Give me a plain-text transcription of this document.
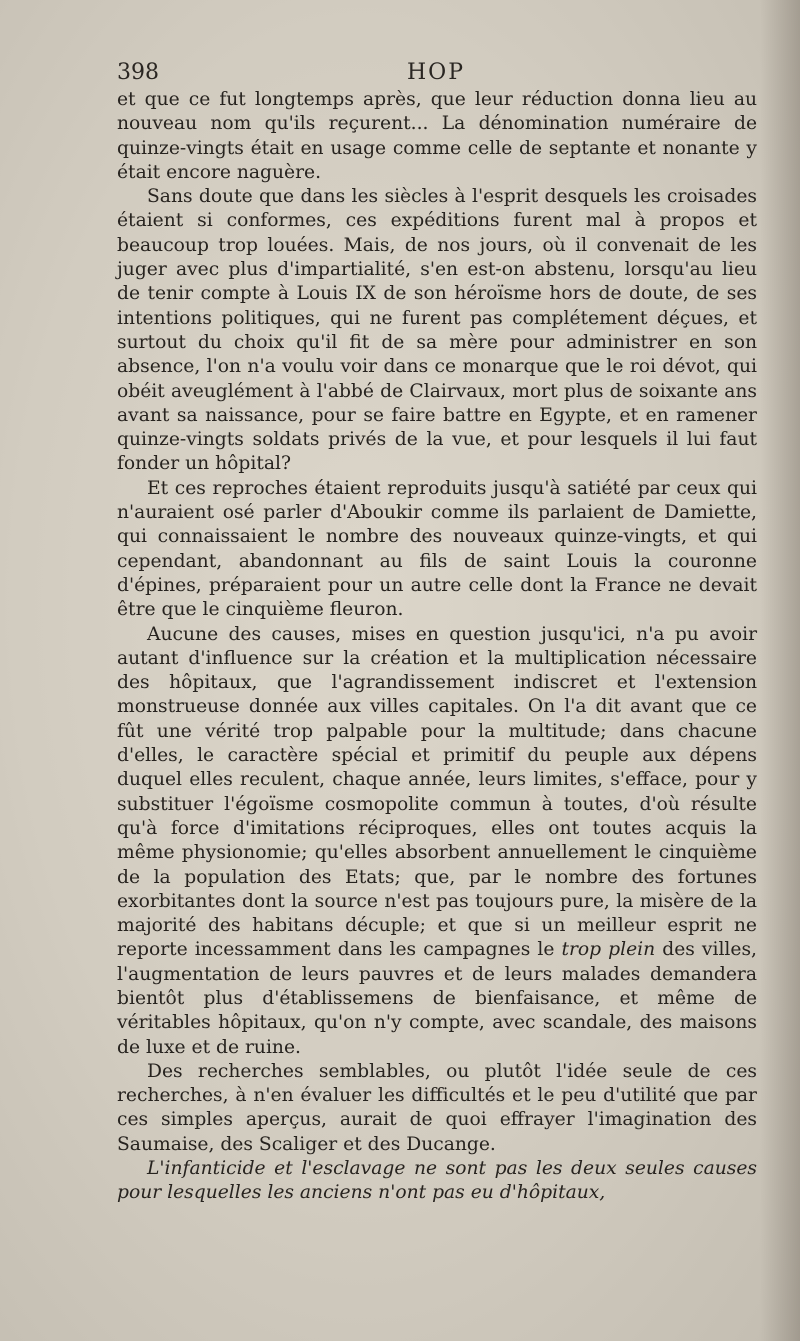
398	HOP

et que ce fut longtemps après, que leur réduction donna lieu au nouveau nom qu'ils reçurent... La dénomination numéraire de quinze-vingts était en usage comme celle de septante et nonante y était encore naguère.

Sans doute que dans les siècles à l'esprit desquels les croisades étaient si conformes, ces expéditions furent mal à propos et beaucoup trop louées. Mais, de nos jours, où il convenait de les juger avec plus d'impartialité, s'en est-on abstenu, lorsqu'au lieu de tenir compte à Louis IX de son héroïsme hors de doute, de ses intentions politiques, qui ne furent pas complétement déçues, et surtout du choix qu'il fit de sa mère pour administrer en son absence, l'on n'a voulu voir dans ce monarque que le roi dévot, qui obéit aveuglément à l'abbé de Clairvaux, mort plus de soixante ans avant sa naissance, pour se faire battre en Egypte, et en ramener quinze-vingts soldats privés de la vue, et pour lesquels il lui faut fonder un hôpital?

Et ces reproches étaient reproduits jusqu'à satiété par ceux qui n'auraient osé parler d'Aboukir comme ils parlaient de Damiette, qui connaissaient le nombre des nouveaux quinze-vingts, et qui cependant, abandonnant au fils de saint Louis la couronne d'épines, préparaient pour un autre celle dont la France ne devait être que le cinquième fleuron.

Aucune des causes, mises en question jusqu'ici, n'a pu avoir autant d'influence sur la création et la multiplication nécessaire des hôpitaux, que l'agrandissement indiscret et l'extension monstrueuse donnée aux villes capitales. On l'a dit avant que ce fût une vérité trop palpable pour la multitude; dans chacune d'elles, le caractère spécial et primitif du peuple aux dépens duquel elles reculent, chaque année, leurs limites, s'efface, pour y substituer l'égoïsme cosmopolite commun à toutes, d'où résulte qu'à force d'imitations réciproques, elles ont toutes acquis la même physionomie; qu'elles absorbent annuellement le cinquième de la population des Etats; que, par le nombre des fortunes exorbitantes dont la source n'est pas toujours pure, la misère de la majorité des habitans décuple; et que si un meilleur esprit ne reporte incessamment dans les campagnes le trop plein des villes, l'augmentation de leurs pauvres et de leurs malades demandera bientôt plus d'établissemens de bienfaisance, et même de véritables hôpitaux, qu'on n'y compte, avec scandale, des maisons de luxe et de ruine.

Des recherches semblables, ou plutôt l'idée seule de ces recherches, à n'en évaluer les difficultés et le peu d'utilité que par ces simples aperçus, aurait de quoi effrayer l'imagination des Saumaise, des Scaliger et des Ducange.

L'infanticide et l'esclavage ne sont pas les deux seules causes pour lesquelles les anciens n'ont pas eu d'hôpitaux,
